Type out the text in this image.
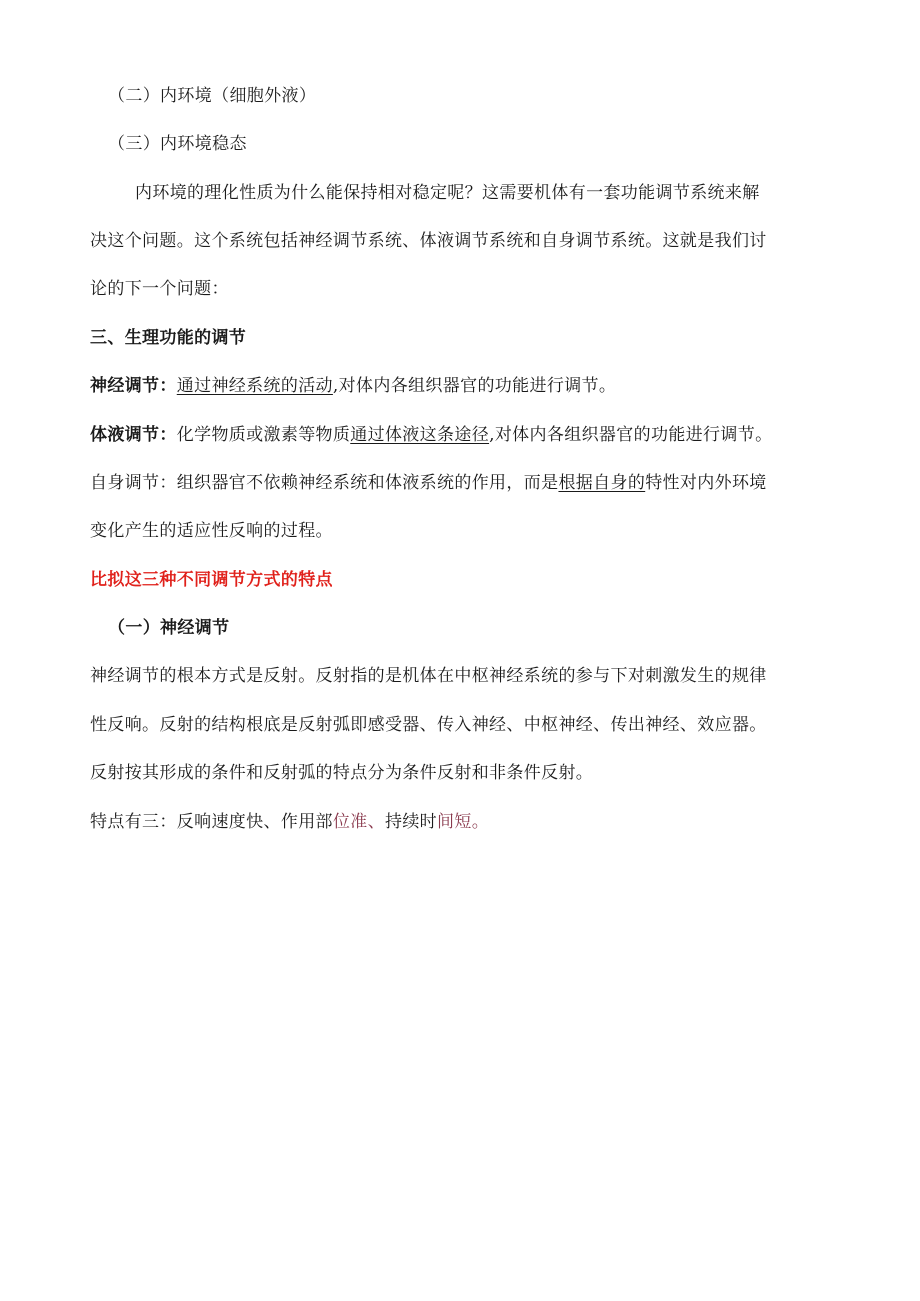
（二）内环境（细胞外液）
（三）内环境稳态
内环境的理化性质为什么能保持相对稳定呢？这需要机体有一套功能调节系统来解
决这个问题。这个系统包括神经调节系统、体液调节系统和自身调节系统。这就是我们讨
论的下一个问题：
三、生理功能的调节
神经调节：通过神经系统的活动,对体内各组织器官的功能进行调节。
体液调节：化学物质或激素等物质通过体液这条途径,对体内各组织器官的功能进行调节。
自身调节：组织器官不依赖神经系统和体液系统的作用，而是根据自身的特性对内外环境
变化产生的适应性反响的过程。
比拟这三种不同调节方式的特点
（一）神经调节
神经调节的根本方式是反射。反射指的是机体在中枢神经系统的参与下对刺激发生的规律
性反响。反射的结构根底是反射弧即感受器、传入神经、中枢神经、传出神经、效应器。
反射按其形成的条件和反射弧的特点分为条件反射和非条件反射。
特点有三：反响速度快、作用部位准、持续时间短。
